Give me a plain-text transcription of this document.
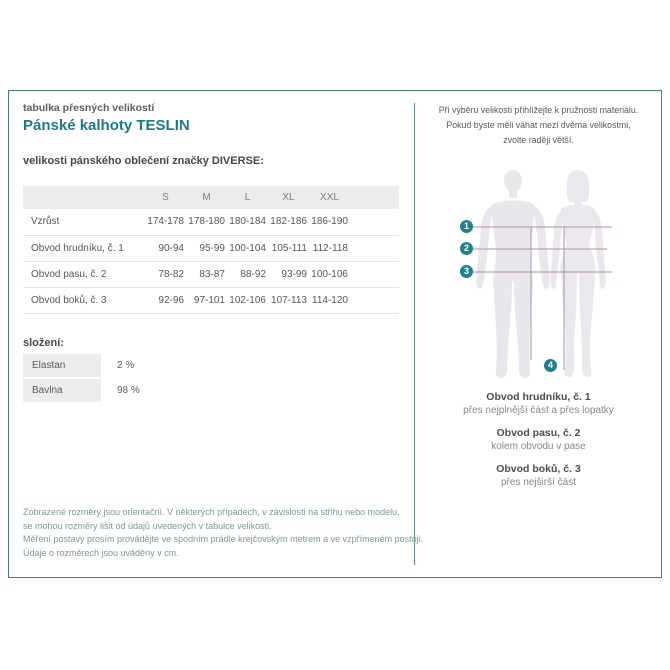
tabulka přesných velikostí
Pánské kalhoty TESLIN
velikosti pánského oblečení značky DIVERSE:
	S	M	L	XL	XXL	
Vzrůst	174-178	178-180	180-184	182-186	186-190	
Obvod hrudníku, č. 1	90-94	95-99	100-104	105-111	112-118	
Obvod pasu, č. 2	78-82	83-87	88-92	93-99	100-106	
Obvod boků, č. 3	92-96	97-101	102-106	107-113	114-120	
složení:
Elastan	2 %
Bavlna	98 %
Zobrazené rozměry jsou orientační. V některých případech, v závislosti na střihu nebo modelu,
se mohou rozměry lišit od údajů uvedených v tabulce velikosti.
Měření postavy prosím provádějte ve spodním prádle krejčovským metrem a ve vzpřímeném postoji.
Údaje o rozměrech jsou uváděny v cm.
Při výběru velikosti přihlížejte k pružnosti materiálu.
Pokud byste měli váhat mezi dvěma velikostmi,
zvolte raději větší.
1
2
3
4
Obvod hrudníku, č. 1
přes nejplnější část a přes lopatky
Obvod pasu, č. 2
kolem obvodu v pase
Obvod boků, č. 3
přes nejširší část
